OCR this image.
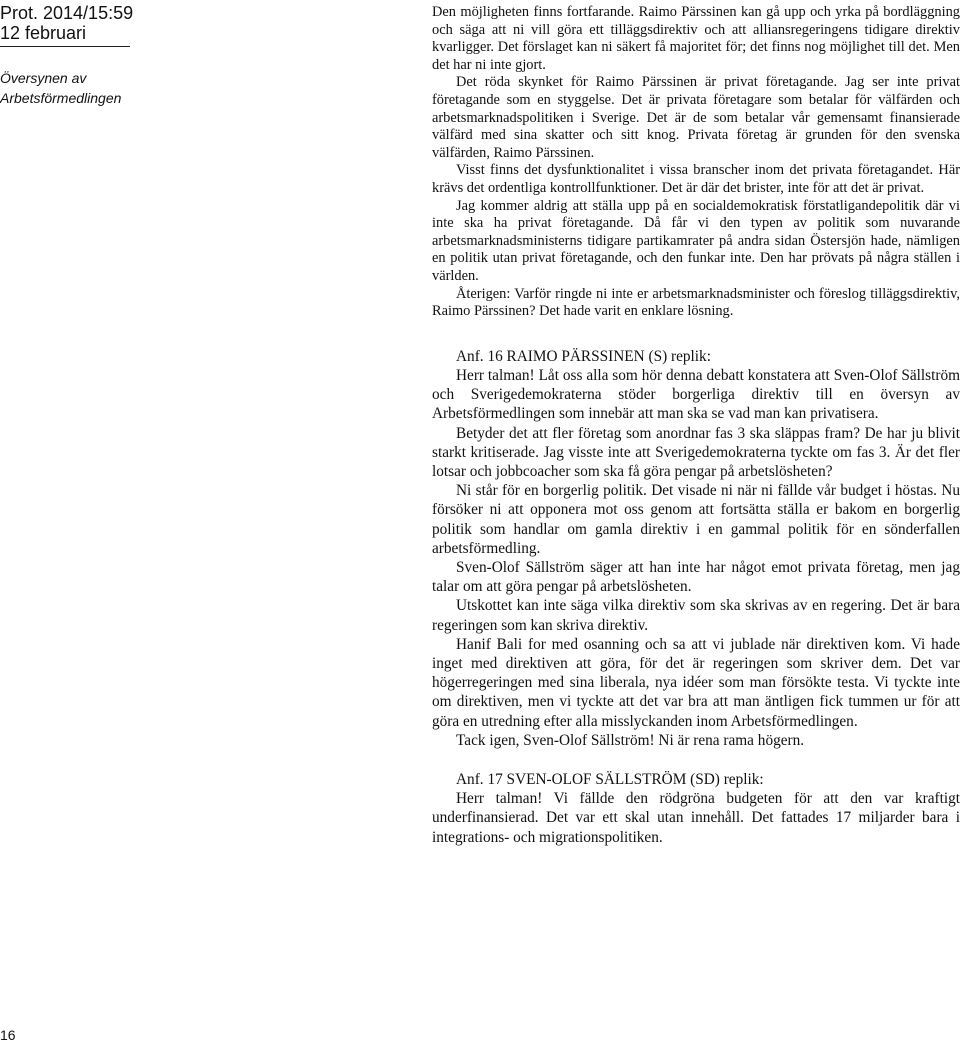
Prot. 2014/15:59
12 februari
Översynen av
Arbetsförmedlingen
16

Den möjligheten finns fortfarande. Raimo Pärssinen kan gå upp och yrka på bordläggning och säga att ni vill göra ett tilläggsdirektiv och att alliansregeringens tidigare direktiv kvarligger. Det förslaget kan ni säkert få majoritet för; det finns nog möjlighet till det. Men det har ni inte gjort.

Det röda skynket för Raimo Pärssinen är privat företagande. Jag ser inte privat företagande som en styggelse. Det är privata företagare som betalar för välfärden och arbetsmarknadspolitiken i Sverige. Det är de som betalar vår gemensamt finansierade välfärd med sina skatter och sitt knog. Privata företag är grunden för den svenska välfärden, Raimo Pärssinen.

Visst finns det dysfunktionalitet i vissa branscher inom det privata företagandet. Här krävs det ordentliga kontrollfunktioner. Det är där det brister, inte för att det är privat.

Jag kommer aldrig att ställa upp på en socialdemokratisk förstatligandepolitik där vi inte ska ha privat företagande. Då får vi den typen av politik som nuvarande arbetsmarknadsministerns tidigare partikamrater på andra sidan Östersjön hade, nämligen en politik utan privat företagande, och den funkar inte. Den har prövats på några ställen i världen.

Återigen: Varför ringde ni inte er arbetsmarknadsminister och föreslog tilläggsdirektiv, Raimo Pärssinen? Det hade varit en enklare lösning.

Anf. 16 RAIMO PÄRSSINEN (S) replik:

Herr talman! Låt oss alla som hör denna debatt konstatera att Sven-Olof Sällström och Sverigedemokraterna stöder borgerliga direktiv till en översyn av Arbetsförmedlingen som innebär att man ska se vad man kan privatisera.

Betyder det att fler företag som anordnar fas 3 ska släppas fram? De har ju blivit starkt kritiserade. Jag visste inte att Sverigedemokraterna tyckte om fas 3. Är det fler lotsar och jobbcoacher som ska få göra pengar på arbetslösheten?

Ni står för en borgerlig politik. Det visade ni när ni fällde vår budget i höstas. Nu försöker ni att opponera mot oss genom att fortsätta ställa er bakom en borgerlig politik som handlar om gamla direktiv i en gammal politik för en sönderfallen arbetsförmedling.

Sven-Olof Sällström säger att han inte har något emot privata företag, men jag talar om att göra pengar på arbetslösheten.

Utskottet kan inte säga vilka direktiv som ska skrivas av en regering. Det är bara regeringen som kan skriva direktiv.

Hanif Bali for med osanning och sa att vi jublade när direktiven kom. Vi hade inget med direktiven att göra, för det är regeringen som skriver dem. Det var högerregeringen med sina liberala, nya idéer som man försökte testa. Vi tyckte inte om direktiven, men vi tyckte att det var bra att man äntligen fick tummen ur för att göra en utredning efter alla misslyckanden inom Arbetsförmedlingen.

Tack igen, Sven-Olof Sällström! Ni är rena rama högern.

Anf. 17 SVEN-OLOF SÄLLSTRÖM (SD) replik:

Herr talman! Vi fällde den rödgröna budgeten för att den var kraftigt underfinansierad. Det var ett skal utan innehåll. Det fattades 17 miljarder bara i integrations- och migrationspolitiken.
